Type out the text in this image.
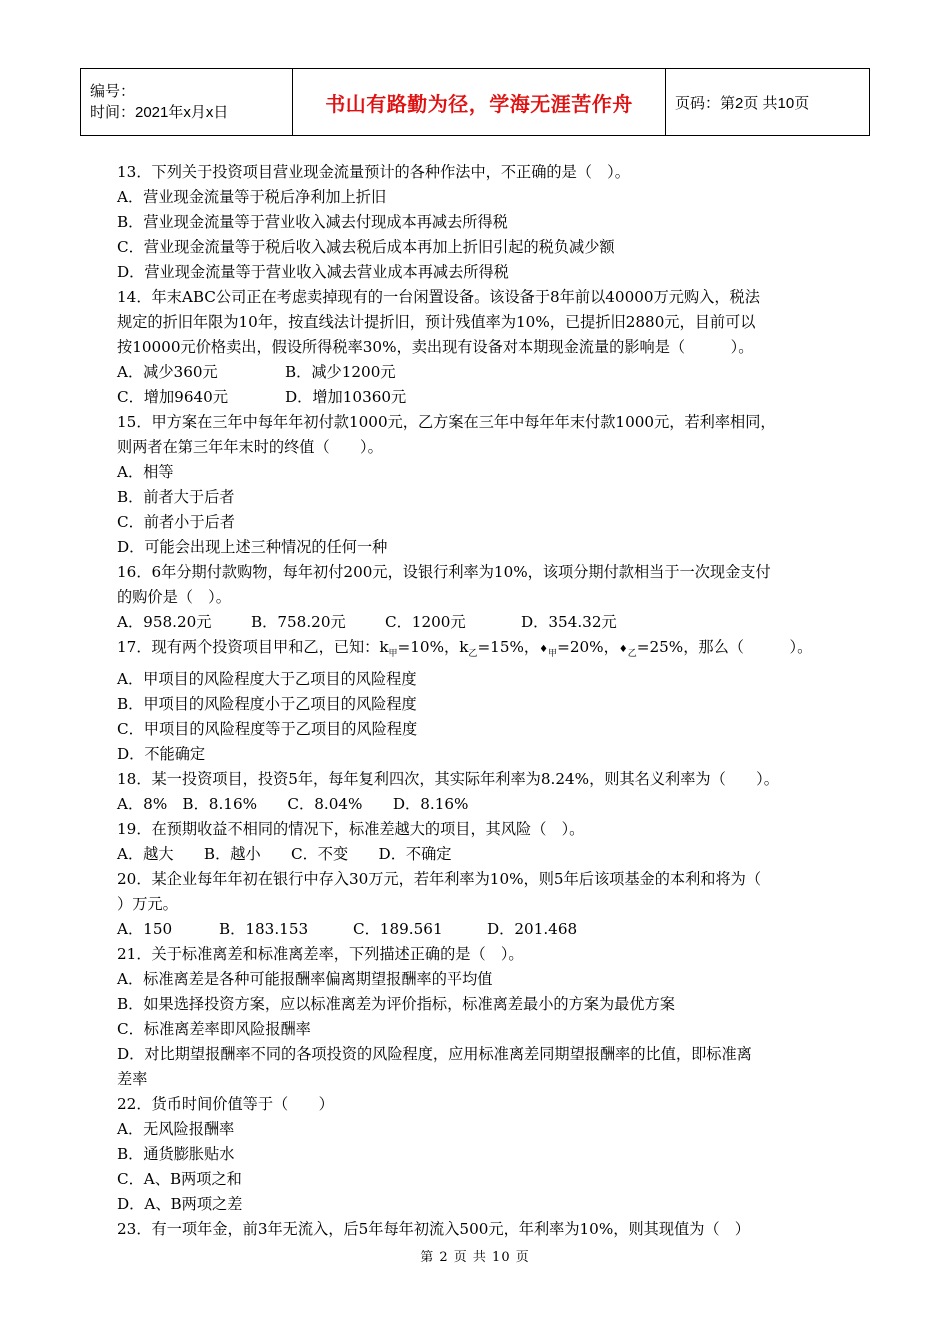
编号：
时间：2021年x月x日	书山有路勤为径，学海无涯苦作舟	页码：第2页 共10页

13．下列关于投资项目营业现金流量预计的各种作法中，不正确的是（　）。

A．营业现金流量等于税后净利加上折旧

B．营业现金流量等于营业收入减去付现成本再减去所得税

C．营业现金流量等于税后收入减去税后成本再加上折旧引起的税负减少额

D．营业现金流量等于营业收入减去营业成本再减去所得税

14．年末ABC公司正在考虑卖掉现有的一台闲置设备。该设备于8年前以40000万元购入，税法

规定的折旧年限为10年，按直线法计提折旧，预计残值率为10%，已提折旧2880元，目前可以

按10000元价格卖出，假设所得税率30%，卖出现有设备对本期现金流量的影响是（　　　）。

A．减少360元	B．减少1200元

C．增加9640元	D．增加10360元

15．甲方案在三年中每年年初付款1000元，乙方案在三年中每年年末付款1000元，若利率相同，

则两者在第三年年末时的终值（　　）。

A．相等

B．前者大于后者

C．前者小于后者

D．可能会出现上述三种情况的任何一种

16．6年分期付款购物，每年初付200元，设银行利率为10%，该项分期付款相当于一次现金支付

的购价是（　）。

A．958.20元	B．758.20元	C．1200元	D．354.32元

17．现有两个投资项目甲和乙，已知：$k_甲=10\%$，$k_乙=15\%$，$♦_甲=20\%$，$♦_乙=25\%$，那么（　　　）。

A．甲项目的风险程度大于乙项目的风险程度

B．甲项目的风险程度小于乙项目的风险程度

C．甲项目的风险程度等于乙项目的风险程度

D．不能确定

18．某一投资项目，投资5年，每年复利四次，其实际年利率为8.24%，则其名义利率为（　　）。

A．8%　B．8.16%　　C．8.04%　　D．8.16%

19．在预期收益不相同的情况下，标准差越大的项目，其风险（　）。

A．越大　　B．越小　　C．不变　　D．不确定

20．某企业每年年初在银行中存入30万元，若年利率为10%，则5年后该项基金的本利和将为（

）万元。

A．150	B．183.153	C．189.561	D．201.468

21．关于标准离差和标准离差率，下列描述正确的是（　）。

A．标准离差是各种可能报酬率偏离期望报酬率的平均值

B．如果选择投资方案，应以标准离差为评价指标，标准离差最小的方案为最优方案

C．标准离差率即风险报酬率

D．对比期望报酬率不同的各项投资的风险程度，应用标准离差同期望报酬率的比值，即标准离

差率

22．货币时间价值等于（　　）

A．无风险报酬率

B．通货膨胀贴水

C．A、B两项之和

D．A、B两项之差

23．有一项年金，前3年无流入，后5年每年初流入500元，年利率为10%，则其现值为（　）

第 2 页 共 10 页
